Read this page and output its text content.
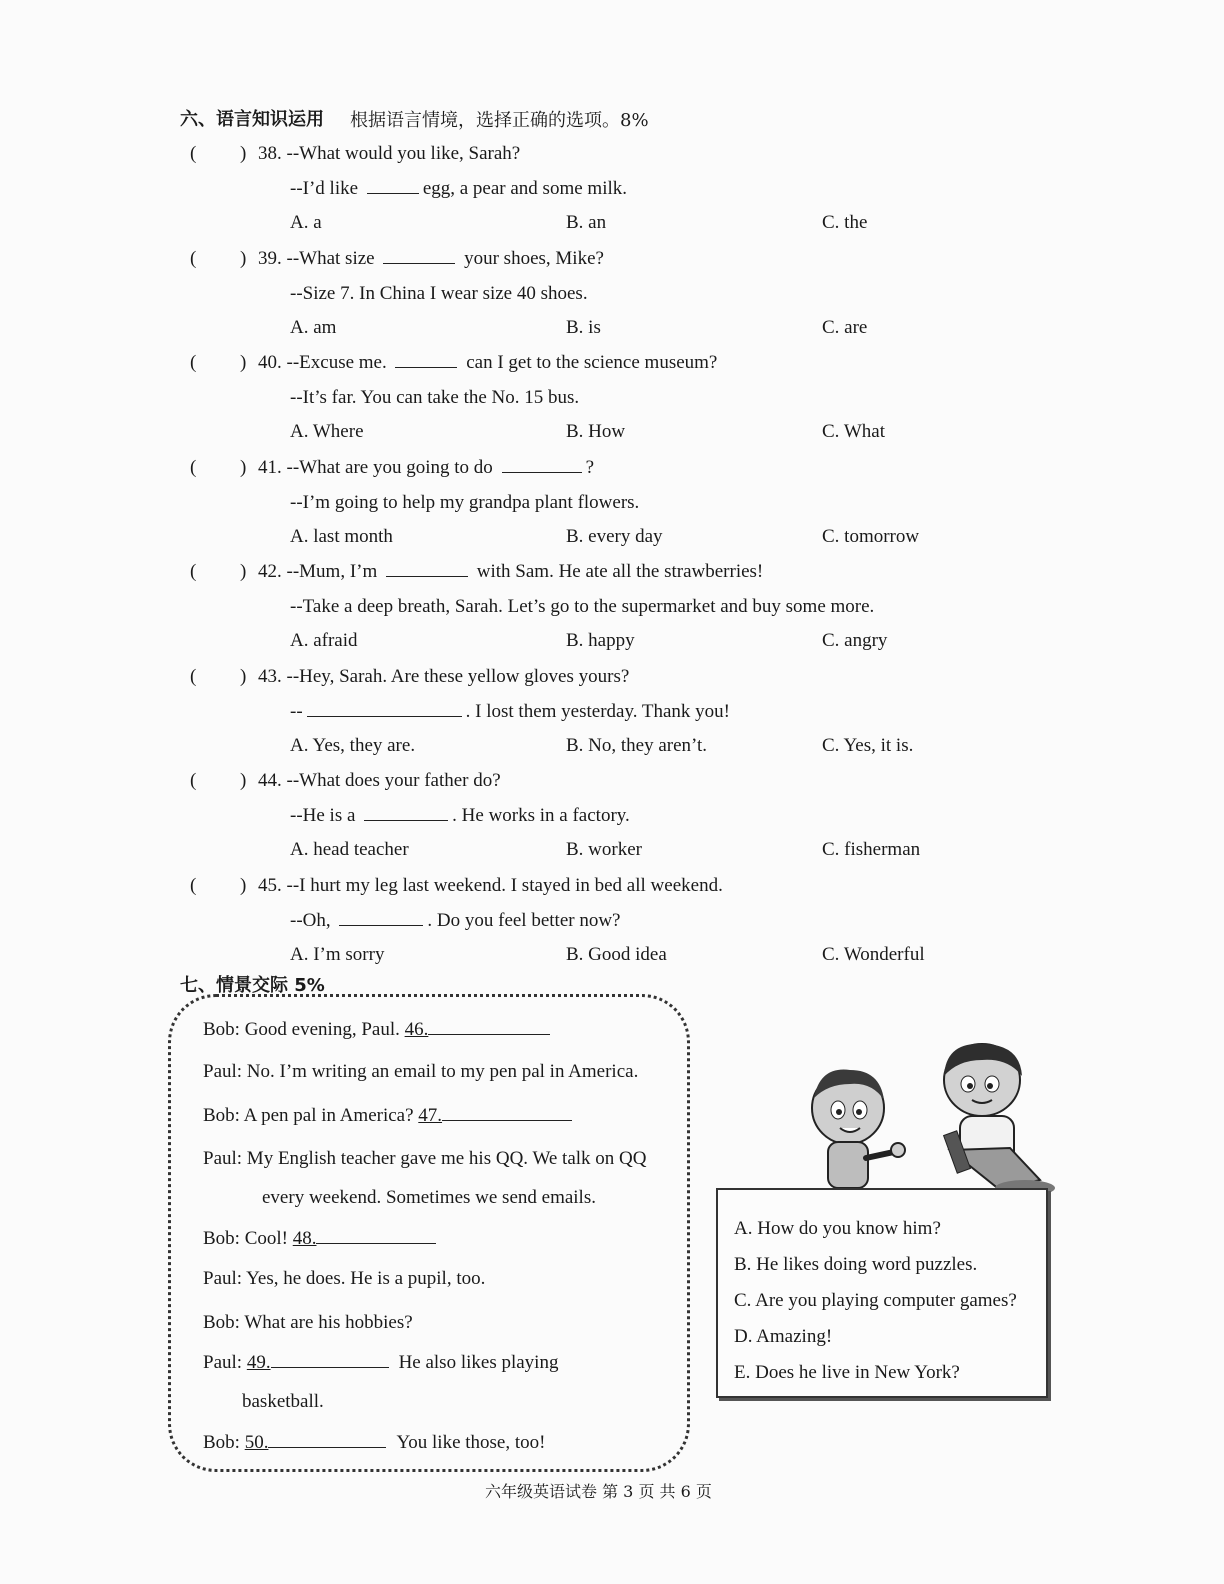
六、语言知识运用 根据语言情境，选择正确的选项。8%
( ) 38. --What would you like, Sarah?
--I’d like	egg, a pear and some milk.
A. a	B. an	C. the
( ) 39. --What size	your shoes, Mike?
--Size 7. In China I wear size 40 shoes.
A. am	B. is	C. are
( ) 40. --Excuse me.	can I get to the science museum?
--It’s far. You can take the No. 15 bus.
A. Where	B. How	C. What
( ) 41. --What are you going to do	?
--I’m going to help my grandpa plant flowers.
A. last month	B. every day	C. tomorrow
( ) 42. --Mum, I’m	with Sam. He ate all the strawberries!
--Take a deep breath, Sarah. Let’s go to the supermarket and buy some more.
A. afraid	B. happy	C. angry
( ) 43. --Hey, Sarah. Are these yellow gloves yours?
--	. I lost them yesterday. Thank you!
A. Yes, they are.	B. No, they aren’t.	C. Yes, it is.
( ) 44. --What does your father do?
--He is a	. He works in a factory.
A. head teacher	B. worker	C. fisherman
( ) 45. --I hurt my leg last weekend. I stayed in bed all weekend.
--Oh,	. Do you feel better now?
A. I’m sorry	B. Good idea	C. Wonderful
七、情景交际 5%
Bob: Good evening, Paul. 46.
Paul: No. I’m writing an email to my pen pal in America.
Bob: A pen pal in America? 47.
Paul: My English teacher gave me his QQ. We talk on QQ
every weekend. Sometimes we send emails.
Bob: Cool! 48.
Paul: Yes, he does. He is a pupil, too.
Bob: What are his hobbies?
Paul: 49.	He also likes playing
basketball.
Bob: 50.	You like those, too!
A. How do you know him?
B. He likes doing word puzzles.
C. Are you playing computer games?
D. Amazing!
E. Does he live in New York?
六年级英语试卷 第 3 页 共 6 页
